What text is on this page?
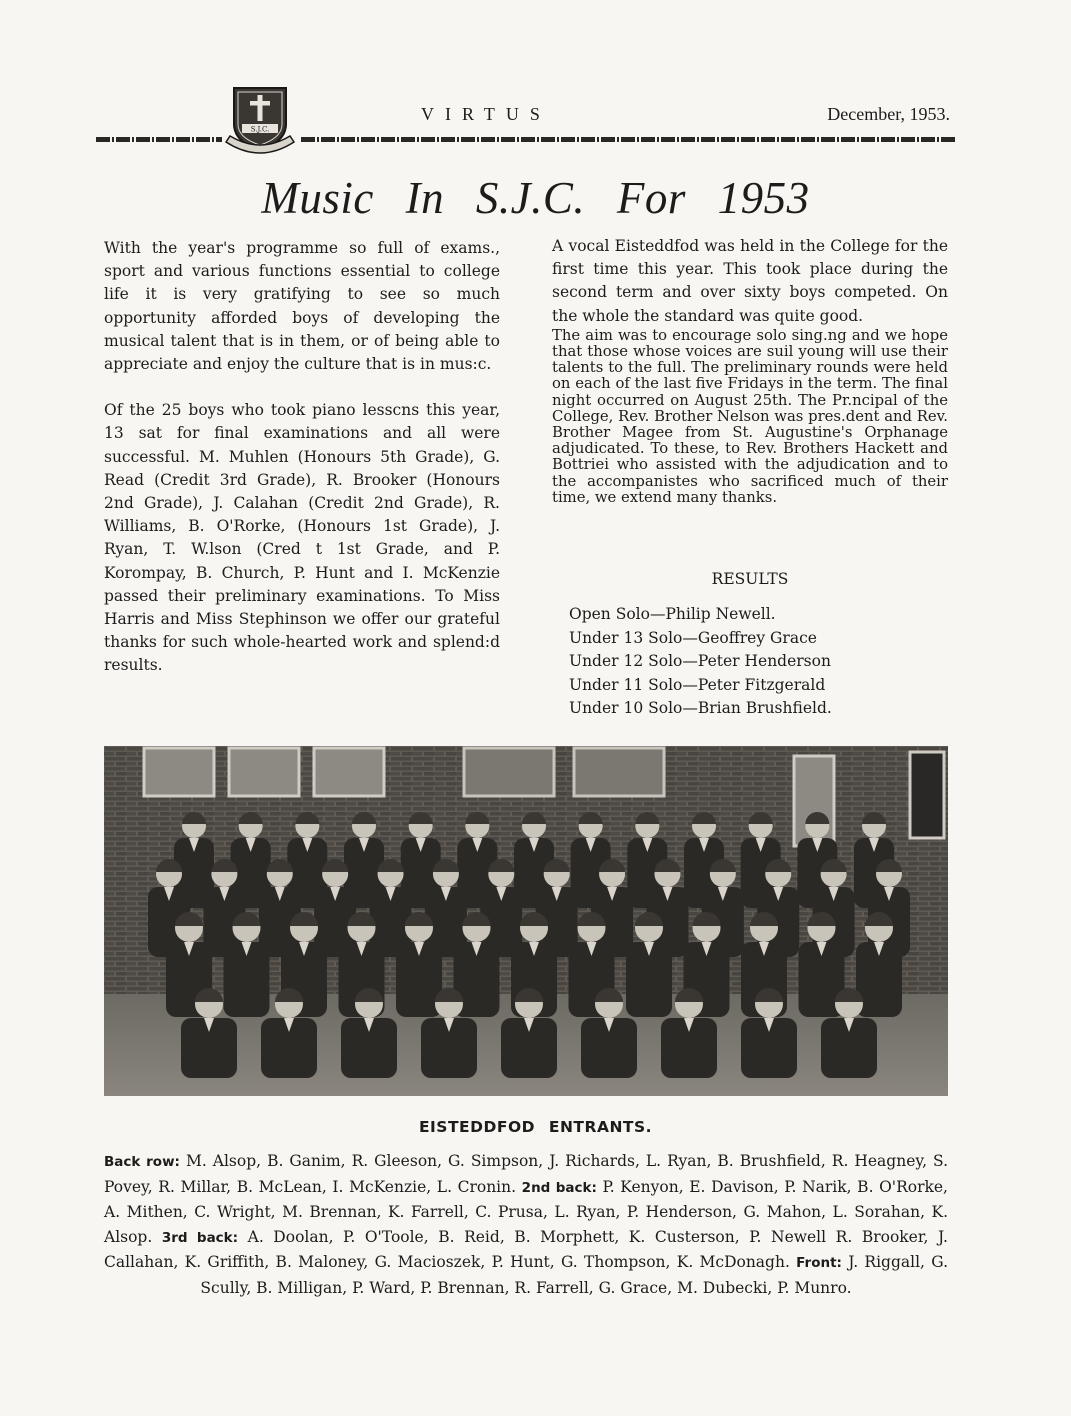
S.J.C.
VIRTUS	December, 1953.
Music In S.J.C. For 1953

With the year's programme so full of exams., sport and various functions essential to college life it is very gratifying to see so much opportunity afforded boys of developing the musical talent that is in them, or of being able to appreciate and enjoy the culture that is in mus:c.

Of the 25 boys who took piano lesscns this year, 13 sat for final examinations and all were successful. M. Muhlen (Honours 5th Grade), G. Read (Credit 3rd Grade), R. Brooker (Honours 2nd Grade), J. Calahan (Credit 2nd Grade), R. Williams, B. O'Rorke, (Honours 1st Grade), J. Ryan, T. W.lson (Cred t 1st Grade, and P. Korompay, B. Church, P. Hunt and I. McKenzie passed their preliminary examinations. To Miss Harris and Miss Stephinson we offer our grateful thanks for such whole-hearted work and splend:d results.

A vocal Eisteddfod was held in the College for the first time this year. This took place during the second term and over sixty boys competed. On the whole the standard was quite good.

The aim was to encourage solo sing.ng and we hope that those whose voices are suil young will use their talents to the full. The preliminary rounds were held on each of the last five Fridays in the term. The final night occurred on August 25th. The Pr.ncipal of the College, Rev. Brother Nelson was pres.dent and Rev. Brother Magee from St. Augustine's Orphanage adjudicated. To these, to Rev. Brothers Hackett and Bottriei who assisted with the adjudication and to the accompanistes who sacrificed much of their time, we extend many thanks.

RESULTS
Open Solo—Philip Newell.
Under 13 Solo—Geoffrey Grace
Under 12 Solo—Peter Henderson
Under 11 Solo—Peter Fitzgerald
Under 10 Solo—Brian Brushfield.
EISTEDDFOD ENTRANTS.
Back row: M. Alsop, B. Ganim, R. Gleeson, G. Simpson, J. Richards, L. Ryan, B. Brushfield, R. Heagney, S. Povey, R. Millar, B. McLean, I. McKenzie, L. Cronin. 2nd back: P. Kenyon, E. Davison, P. Narik, B. O'Rorke, A. Mithen, C. Wright, M. Brennan, K. Farrell, C. Prusa, L. Ryan, P. Henderson, G. Mahon, L. Sorahan, K. Alsop. 3rd back: A. Doolan, P. O'Toole, B. Reid, B. Morphett, K. Custerson, P. Newell R. Brooker, J. Callahan, K. Griffith, B. Maloney, G. Macioszek, P. Hunt, G. Thompson, K. McDonagh. Front: J. Riggall, G. Scully, B. Milligan, P. Ward, P. Brennan, R. Farrell, G. Grace, M. Dubecki, P. Munro.
